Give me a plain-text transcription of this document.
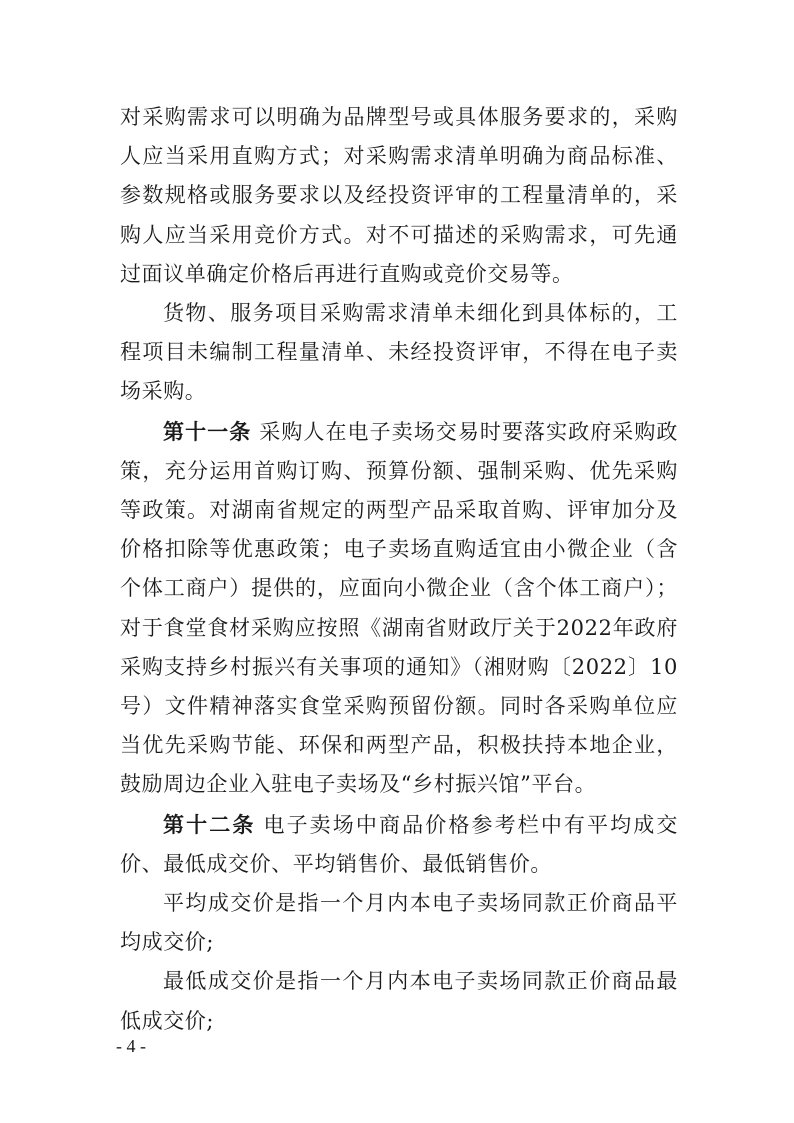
对采购需求可以明确为品牌型号或具体服务要求的，采购人应当采用直购方式；对采购需求清单明确为商品标准、参数规格或服务要求以及经投资评审的工程量清单的，采购人应当采用竞价方式。对不可描述的采购需求，可先通过面议单确定价格后再进行直购或竞价交易等。

货物、服务项目采购需求清单未细化到具体标的，工程项目未编制工程量清单、未经投资评审，不得在电子卖场采购。

第十一条 采购人在电子卖场交易时要落实政府采购政策，充分运用首购订购、预算份额、强制采购、优先采购等政策。对湖南省规定的两型产品采取首购、评审加分及价格扣除等优惠政策；电子卖场直购适宜由小微企业（含个体工商户）提供的，应面向小微企业（含个体工商户）；对于食堂食材采购应按照《湖南省财政厅关于2022年政府采购支持乡村振兴有关事项的通知》（湘财购〔2022〕10号）文件精神落实食堂采购预留份额。同时各采购单位应当优先采购节能、环保和两型产品，积极扶持本地企业，鼓励周边企业入驻电子卖场及“乡村振兴馆”平台。

第十二条 电子卖场中商品价格参考栏中有平均成交价、最低成交价、平均销售价、最低销售价。

平均成交价是指一个月内本电子卖场同款正价商品平均成交价;

最低成交价是指一个月内本电子卖场同款正价商品最低成交价;

- 4 -
